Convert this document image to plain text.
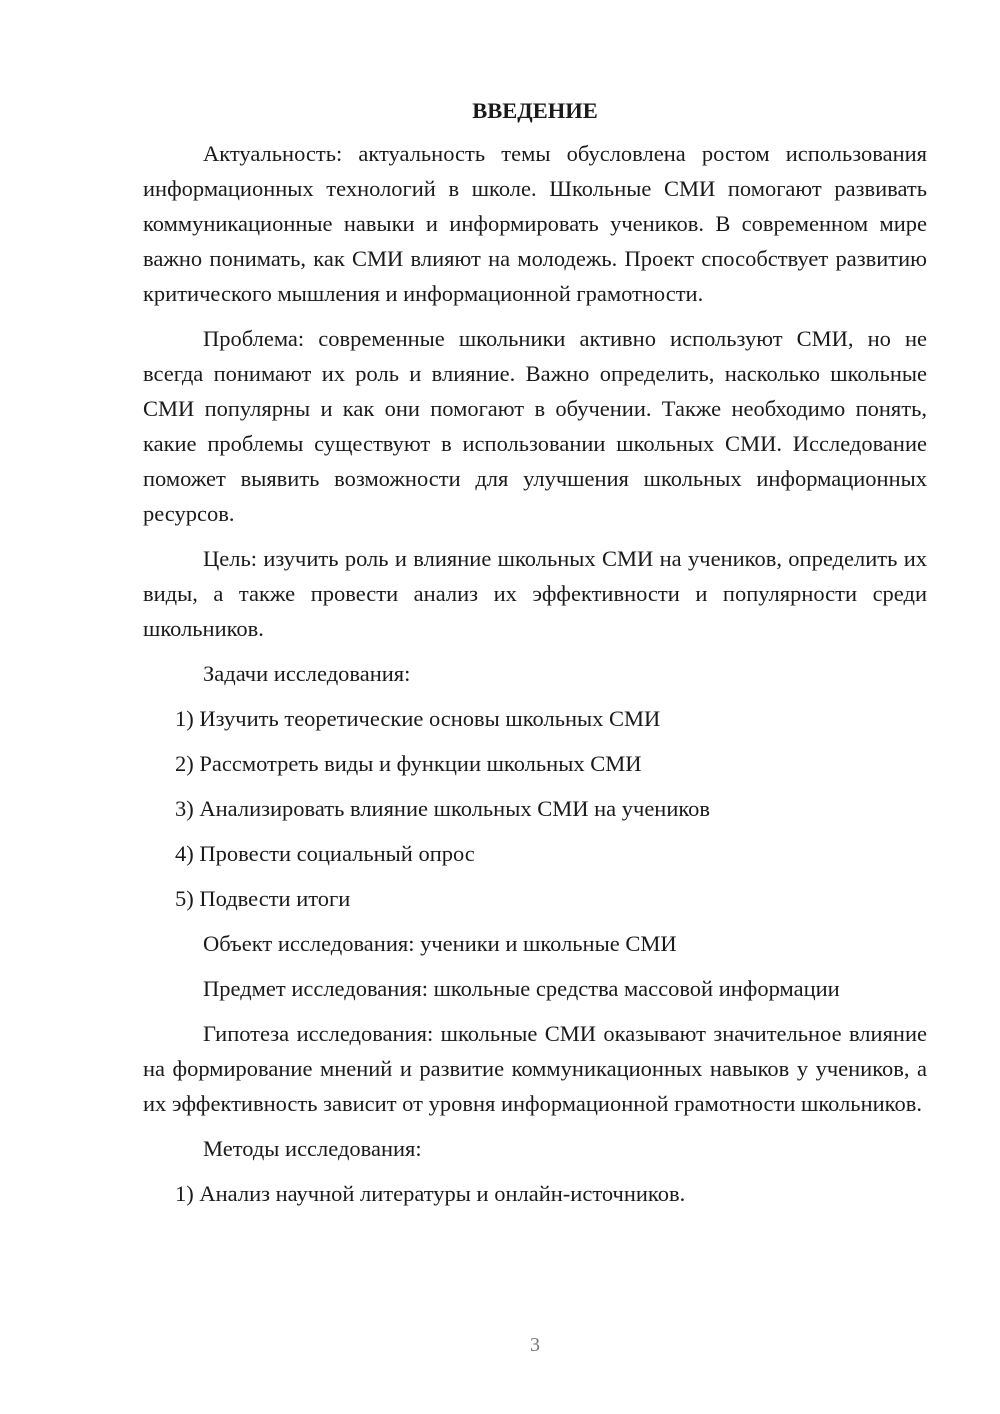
ВВЕДЕНИЕ

Актуальность: актуальность темы обусловлена ростом использования информационных технологий в школе. Школьные СМИ помогают развивать коммуникационные навыки и информировать учеников. В современном мире важно понимать, как СМИ влияют на молодежь. Проект способствует развитию критического мышления и информационной грамотности.

Проблема: современные школьники активно используют СМИ, но не всегда понимают их роль и влияние. Важно определить, насколько школьные СМИ популярны и как они помогают в обучении. Также необходимо понять, какие проблемы существуют в использовании школьных СМИ. Исследование поможет выявить возможности для улучшения школьных информационных ресурсов.

Цель: изучить роль и влияние школьных СМИ на учеников, определить их виды, а также провести анализ их эффективности и популярности среди школьников.

Задачи исследования:

1) Изучить теоретические основы школьных СМИ

2) Рассмотреть виды и функции школьных СМИ

3) Анализировать влияние школьных СМИ на учеников

4) Провести социальный опрос

5) Подвести итоги

Объект исследования: ученики и школьные СМИ

Предмет исследования: школьные средства массовой информации

Гипотеза исследования: школьные СМИ оказывают значительное влияние на формирование мнений и развитие коммуникационных навыков у учеников, а их эффективность зависит от уровня информационной грамотности школьников.

Методы исследования:

1) Анализ научной литературы и онлайн-источников.

3
